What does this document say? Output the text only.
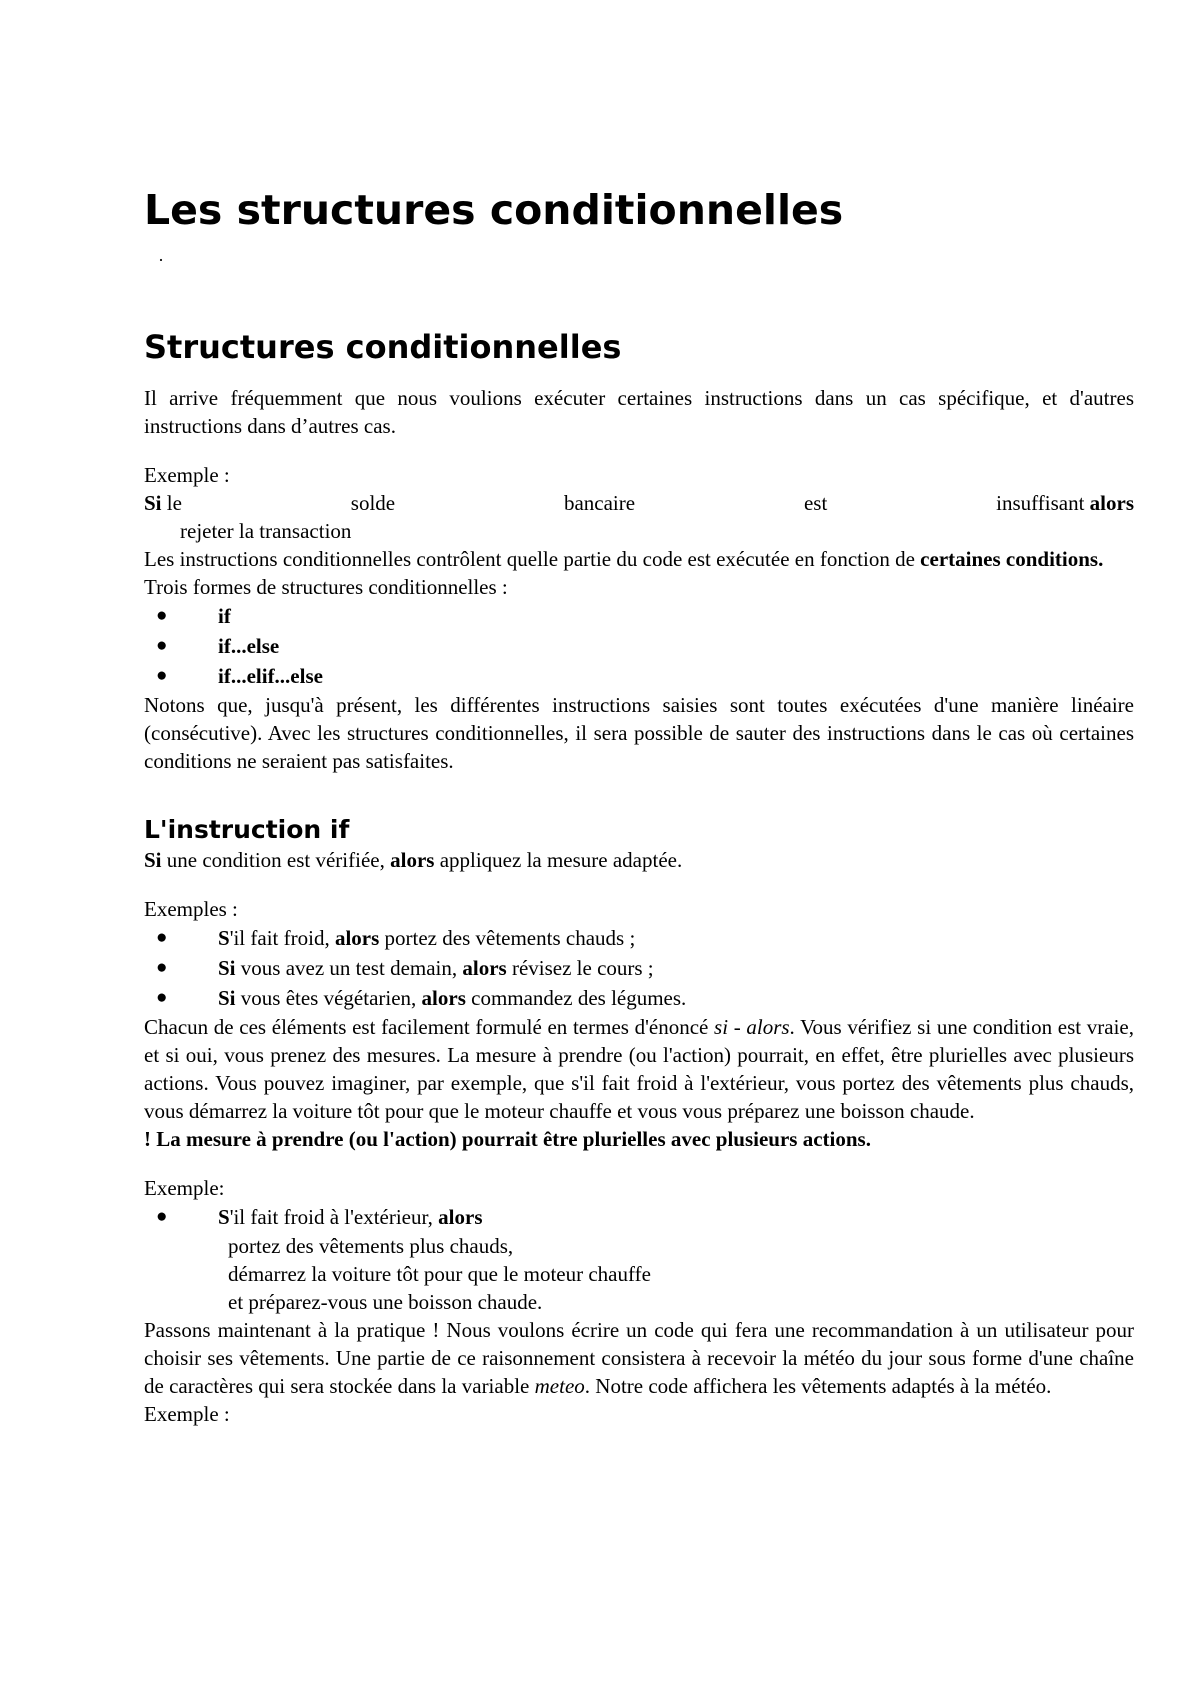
Les structures conditionnelles
·
Structures conditionnelles

Il arrive fréquemment que nous voulions exécuter certaines instructions dans un cas spécifique, et d'autres instructions dans d’autres cas.

Exemple :
Si le	solde	bancaire	est	insuffisant alors
rejeter la transaction

Les instructions conditionnelles contrôlent quelle partie du code est exécutée en fonction de certaines conditions.

Trois formes de structures conditionnelles :
● if
● if...else
● if...elif...else

Notons que, jusqu'à présent, les différentes instructions saisies sont toutes exécutées d'une manière linéaire (consécutive). Avec les structures conditionnelles, il sera possible de sauter des instructions dans le cas où certaines conditions ne seraient pas satisfaites.

L'instruction if
Si une condition est vérifiée, alors appliquez la mesure adaptée.
Exemples :
● S'il fait froid, alors portez des vêtements chauds ;
● Si vous avez un test demain, alors révisez le cours ;
● Si vous êtes végétarien, alors commandez des légumes.

Chacun de ces éléments est facilement formulé en termes d'énoncé si - alors. Vous vérifiez si une condition est vraie, et si oui, vous prenez des mesures. La mesure à prendre (ou l'action) pourrait, en effet, être plurielles avec plusieurs actions. Vous pouvez imaginer, par exemple, que s'il fait froid à l'extérieur, vous portez des vêtements plus chauds, vous démarrez la voiture tôt pour que le moteur chauffe et vous vous préparez une boisson chaude.

! La mesure à prendre (ou l'action) pourrait être plurielles avec plusieurs actions.
Exemple:
● S'il fait froid à l'extérieur, alors
portez des vêtements plus chauds,
démarrez la voiture tôt pour que le moteur chauffe
et préparez-vous une boisson chaude.

Passons maintenant à la pratique ! Nous voulons écrire un code qui fera une recommandation à un utilisateur pour choisir ses vêtements. Une partie de ce raisonnement consistera à recevoir la météo du jour sous forme d'une chaîne de caractères qui sera stockée dans la variable meteo. Notre code affichera les vêtements adaptés à la météo.

Exemple :
